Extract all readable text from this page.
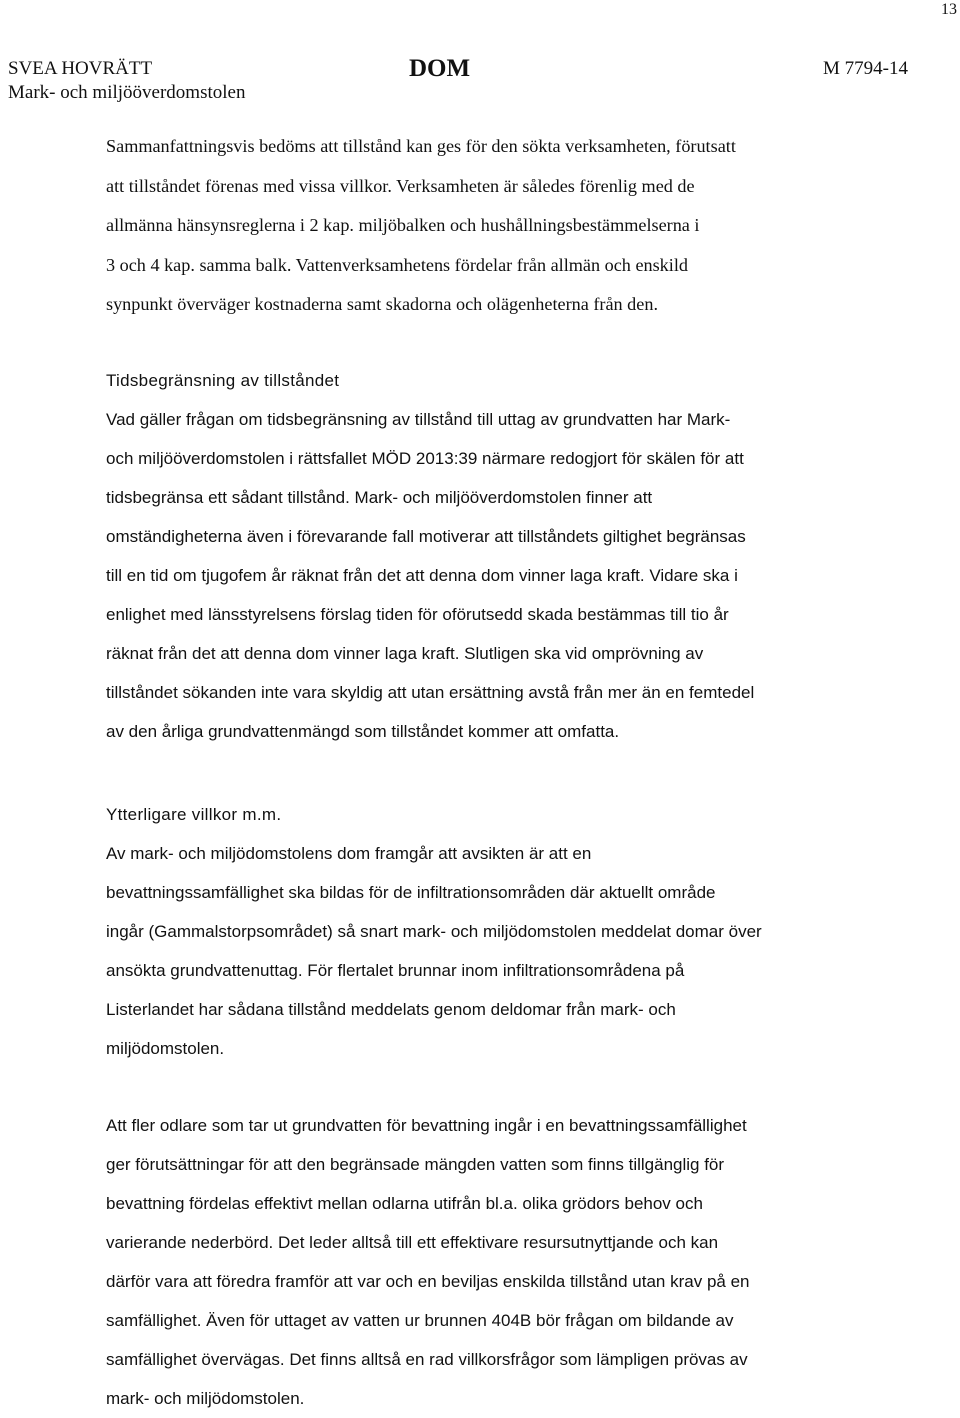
13
SVEA HOVRÄTT
Mark- och miljööverdomstolen
DOM	M 7794-14
Sammanfattningsvis bedöms att tillstånd kan ges för den sökta verksamheten, förutsatt
att tillståndet förenas med vissa villkor. Verksamheten är således förenlig med de
allmänna hänsynsreglerna i 2 kap. miljöbalken och hushållningsbestämmelserna i
3 och 4 kap. samma balk. Vattenverksamhetens fördelar från allmän och enskild
synpunkt överväger kostnaderna samt skadorna och olägenheterna från den.
Tidsbegränsning av tillståndet
Vad gäller frågan om tidsbegränsning av tillstånd till uttag av grundvatten har Mark-
och miljööverdomstolen i rättsfallet MÖD 2013:39 närmare redogjort för skälen för att
tidsbegränsa ett sådant tillstånd. Mark- och miljööverdomstolen finner att
omständigheterna även i förevarande fall motiverar att tillståndets giltighet begränsas
till en tid om tjugofem år räknat från det att denna dom vinner laga kraft. Vidare ska i
enlighet med länsstyrelsens förslag tiden för oförutsedd skada bestämmas till tio år
räknat från det att denna dom vinner laga kraft. Slutligen ska vid omprövning av
tillståndet sökanden inte vara skyldig att utan ersättning avstå från mer än en femtedel
av den årliga grundvattenmängd som tillståndet kommer att omfatta.
Ytterligare villkor m.m.
Av mark- och miljödomstolens dom framgår att avsikten är att en
bevattningssamfällighet ska bildas för de infiltrationsområden där aktuellt område
ingår (Gammalstorpsområdet) så snart mark- och miljödomstolen meddelat domar över
ansökta grundvattenuttag. För flertalet brunnar inom infiltrationsområdena på
Listerlandet har sådana tillstånd meddelats genom deldomar från mark- och
miljödomstolen.
Att fler odlare som tar ut grundvatten för bevattning ingår i en bevattningssamfällighet
ger förutsättningar för att den begränsade mängden vatten som finns tillgänglig för
bevattning fördelas effektivt mellan odlarna utifrån bl.a. olika grödors behov och
varierande nederbörd. Det leder alltså till ett effektivare resursutnyttjande och kan
därför vara att föredra framför att var och en beviljas enskilda tillstånd utan krav på en
samfällighet. Även för uttaget av vatten ur brunnen 404B bör frågan om bildande av
samfällighet övervägas. Det finns alltså en rad villkorsfrågor som lämpligen prövas av
mark- och miljödomstolen.
